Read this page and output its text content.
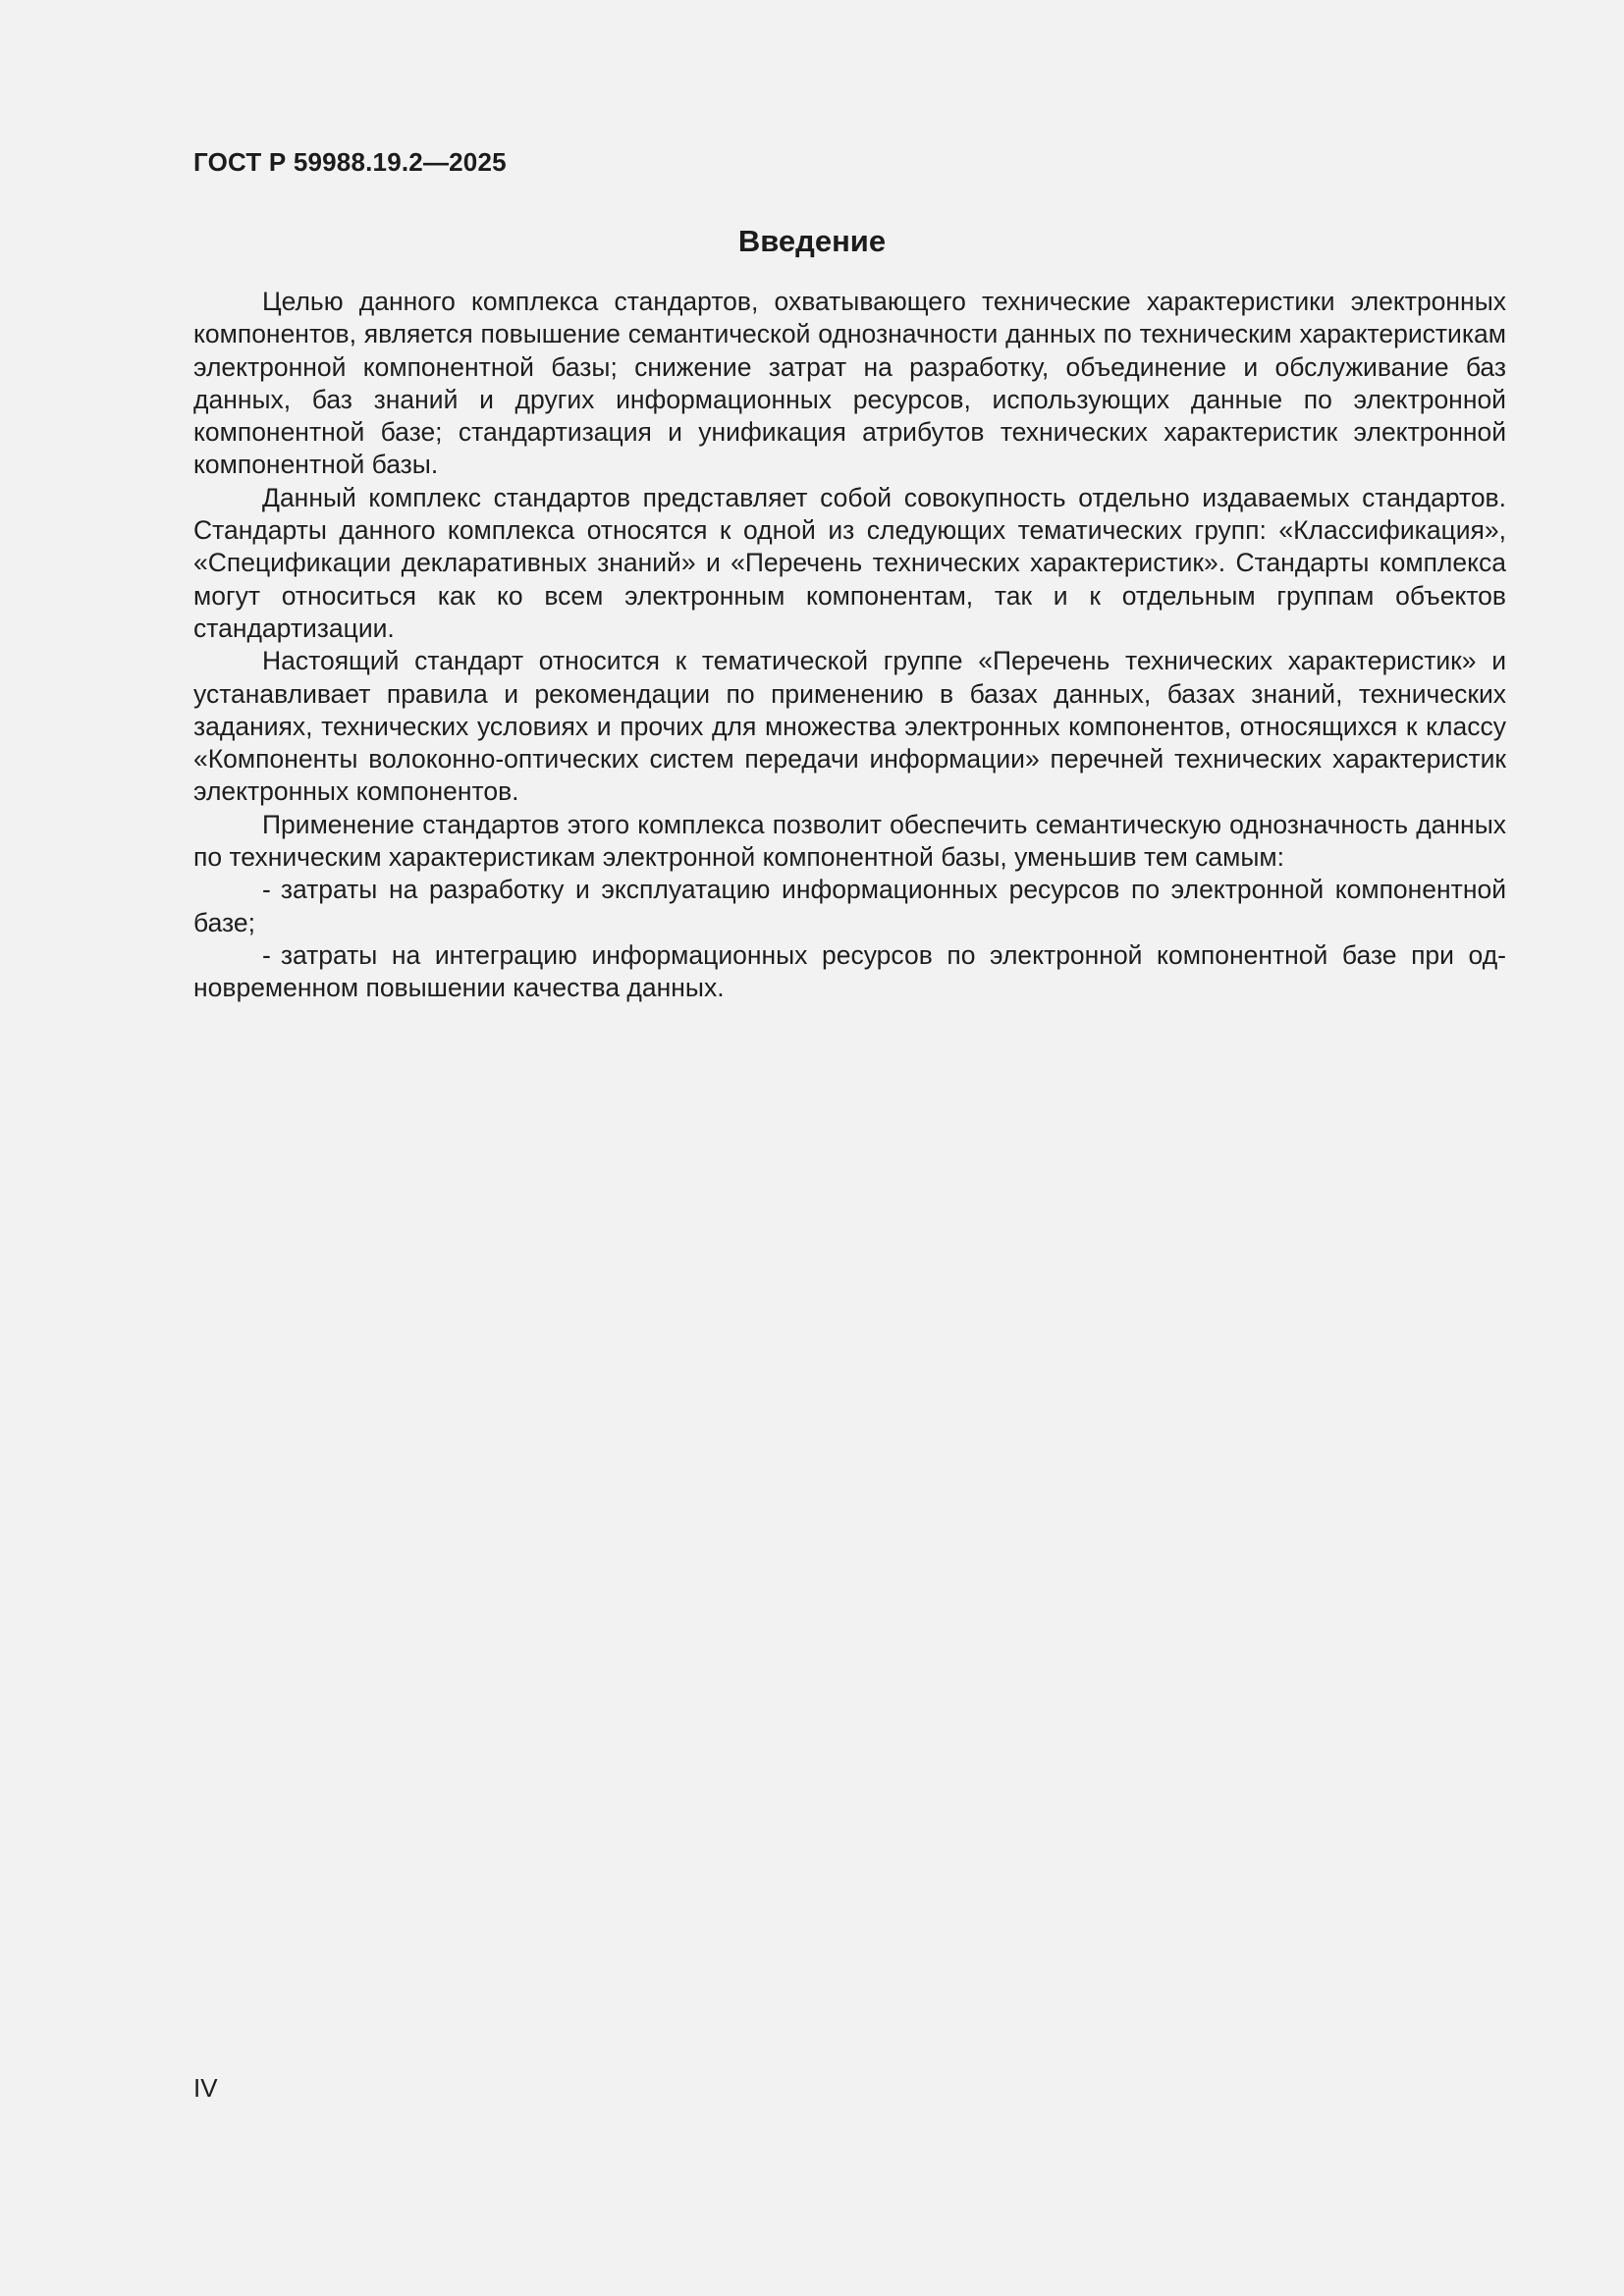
ГОСТ Р 59988.19.2—2025
Введение

Целью данного комплекса стандартов, охватывающего технические характеристики электронных компонентов, является повышение семантической однозначности данных по техническим характеристикам электронной компонентной базы; снижение затрат на разработку, объединение и обслуживание баз данных, баз знаний и других информационных ресурсов, использующих данные по электронной компонентной базе; стандартизация и унификация атрибутов технических характеристик электронной компонентной базы.

Данный комплекс стандартов представляет собой совокупность отдельно издаваемых стандартов. Стандарты данного комплекса относятся к одной из следующих тематических групп: «Классификация», «Спецификации декларативных знаний» и «Перечень технических характеристик». Стандарты комплекса могут относиться как ко всем электронным компонентам, так и к отдельным группам объектов стандартизации.

Настоящий стандарт относится к тематической группе «Перечень технических характеристик» и устанавливает правила и рекомендации по применению в базах данных, базах знаний, технических заданиях, технических условиях и прочих для множества электронных компонентов, относящихся к классу «Компоненты волоконно-оптических систем передачи информации» перечней технических характеристик электронных компонентов.

Применение стандартов этого комплекса позволит обеспечить семантическую однозначность данных по техническим характеристикам электронной компонентной базы, уменьшив тем самым:

- затраты на разработку и эксплуатацию информационных ресурсов по электронной компонентной базе;

- затраты на интеграцию информационных ресурсов по электронной компонентной базе при одновременном повышении качества данных.

IV
